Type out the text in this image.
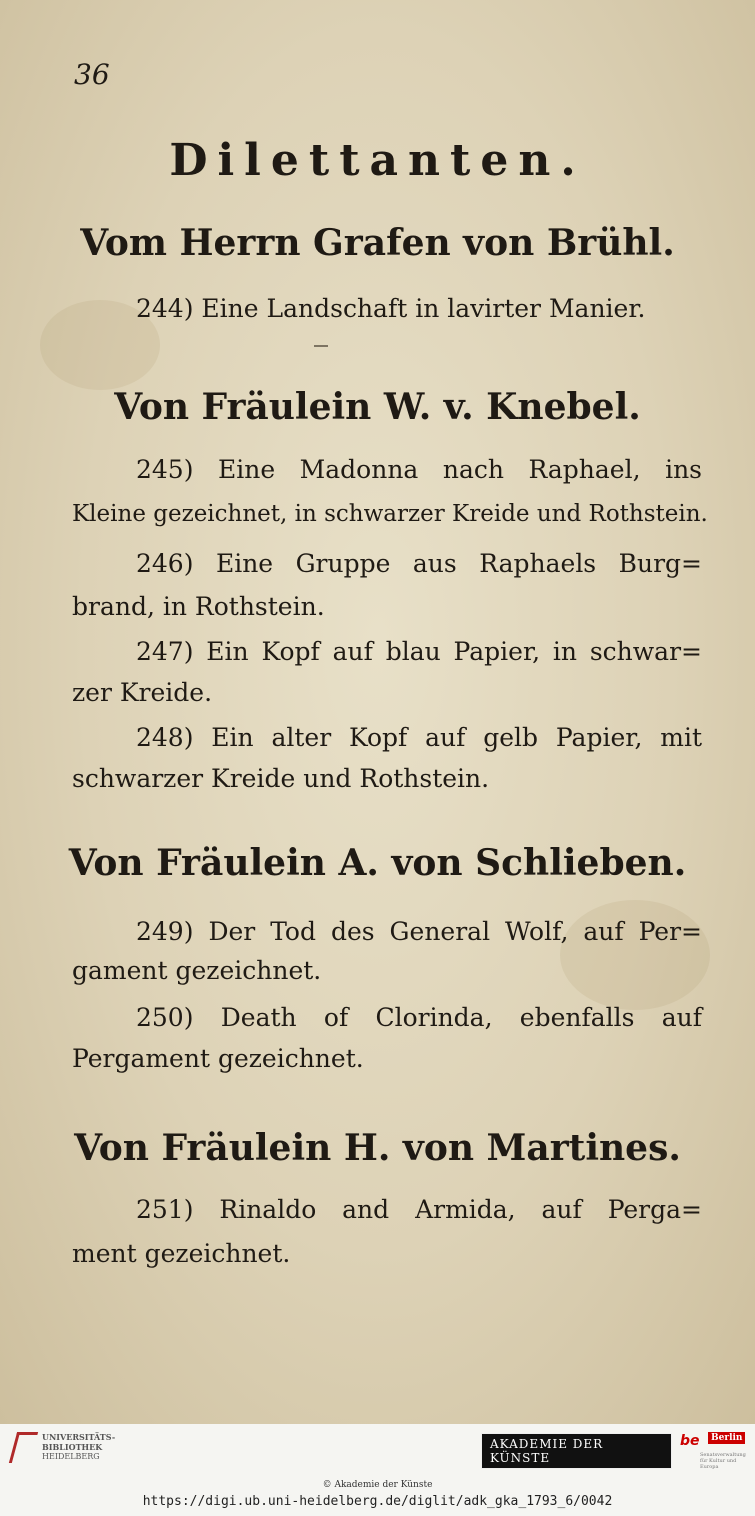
36
Dilettanten.
Vom Herrn Grafen von Brühl.
244) Eine Landschaft in lavirter Manier.
Von Fräulein W. v. Knebel.
245) Eine Madonna nach Raphael, ins
Kleine gezeichnet, in schwarzer Kreide und Rothstein.
246) Eine Gruppe aus Raphaels Burg=
brand, in Rothstein.
247) Ein Kopf auf blau Papier, in schwar=
zer Kreide.
248) Ein alter Kopf auf gelb Papier, mit
schwarzer Kreide und Rothstein.
Von Fräulein A. von Schlieben.
249) Der Tod des General Wolf, auf Per=
gament gezeichnet.
250) Death of Clorinda, ebenfalls auf
Pergament gezeichnet.
Von Fräulein H. von Martines.
251) Rinaldo and Armida, auf Perga=
ment gezeichnet.
UNIVERSITÄTS-
BIBLIOTHEK
HEIDELBERG
AKADEMIE DER KÜNSTE
be	Berlin
Senatsverwaltung für Kultur und Europa
© Akademie der Künste
https://digi.ub.uni-heidelberg.de/diglit/adk_gka_1793_6/0042
